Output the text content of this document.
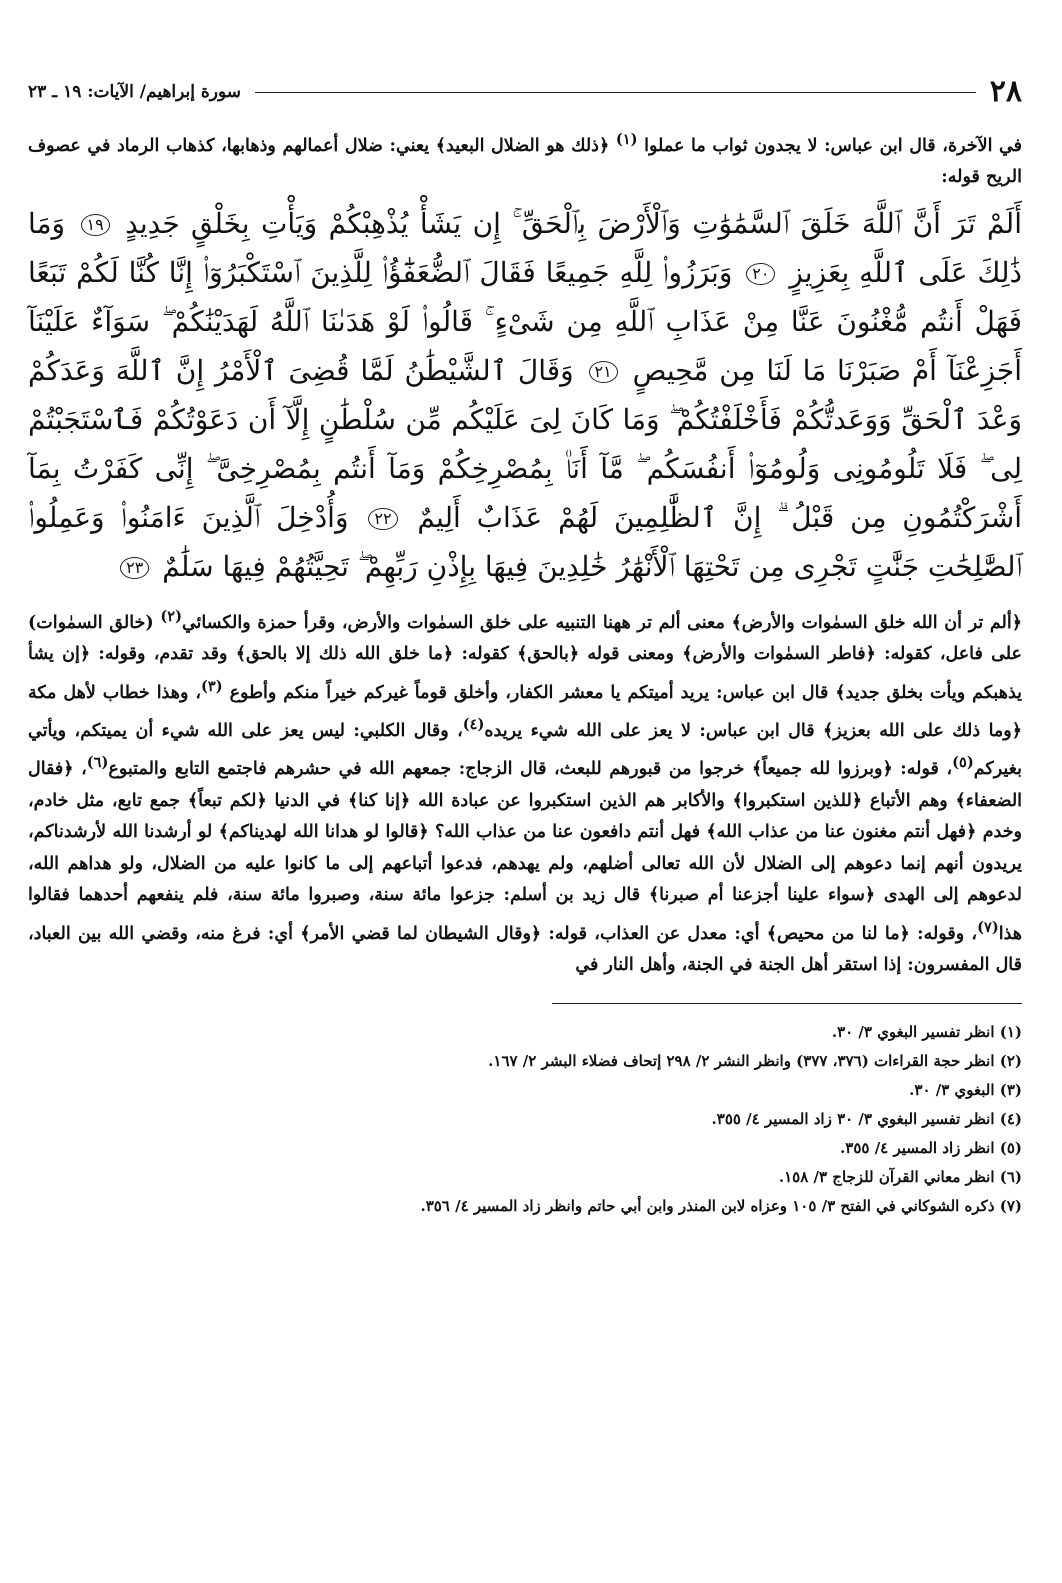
٢٨
سورة إبراهيم/ الآيات: ١٩ ـ ٢٣
في الآخرة، قال ابن عباس: لا يجدون ثواب ما عملوا $^{(١)}$ ﴿ذلك هو الضلال البعيد﴾ يعني: ضلال أعمالهم وذهابها، كذهاب الرماد في عصوف الريح قوله:
أَلَمْ تَرَ أَنَّ ٱللَّهَ خَلَقَ ٱلسَّمَٰوَٰتِ وَٱلْأَرْضَ بِٱلْحَقِّ ۚ إِن يَشَأْ يُذْهِبْكُمْ وَيَأْتِ بِخَلْقٍ جَدِيدٍ ١٩ وَمَا ذَٰلِكَ عَلَى ٱللَّهِ بِعَزِيزٍ ٢٠ وَبَرَزُوا۟ لِلَّهِ جَمِيعًا فَقَالَ ٱلضُّعَفَٰٓؤُا۟ لِلَّذِينَ ٱسْتَكْبَرُوٓا۟ إِنَّا كُنَّا لَكُمْ تَبَعًا فَهَلْ أَنتُم مُّغْنُونَ عَنَّا مِنْ عَذَابِ ٱللَّهِ مِن شَىْءٍ ۚ قَالُوا۟ لَوْ هَدَىٰنَا ٱللَّهُ لَهَدَيْنَٰكُمْ ۖ سَوَآءٌ عَلَيْنَآ أَجَزِعْنَآ أَمْ صَبَرْنَا مَا لَنَا مِن مَّحِيصٍ ٢١ وَقَالَ ٱلشَّيْطَٰنُ لَمَّا قُضِىَ ٱلْأَمْرُ إِنَّ ٱللَّهَ وَعَدَكُمْ وَعْدَ ٱلْحَقِّ وَوَعَدتُّكُمْ فَأَخْلَفْتُكُمْ ۖ وَمَا كَانَ لِىَ عَلَيْكُم مِّن سُلْطَٰنٍ إِلَّآ أَن دَعَوْتُكُمْ فَٱسْتَجَبْتُمْ لِى ۖ فَلَا تَلُومُونِى وَلُومُوٓا۟ أَنفُسَكُم ۖ مَّآ أَنَا۠ بِمُصْرِخِكُمْ وَمَآ أَنتُم بِمُصْرِخِىَّ ۖ إِنِّى كَفَرْتُ بِمَآ أَشْرَكْتُمُونِ مِن قَبْلُ ۗ إِنَّ ٱلظَّٰلِمِينَ لَهُمْ عَذَابٌ أَلِيمٌ ٢٢ وَأُدْخِلَ ٱلَّذِينَ ءَامَنُوا۟ وَعَمِلُوا۟ ٱلصَّٰلِحَٰتِ جَنَّٰتٍ تَجْرِى مِن تَحْتِهَا ٱلْأَنْهَٰرُ خَٰلِدِينَ فِيهَا بِإِذْنِ رَبِّهِمْ ۖ تَحِيَّتُهُمْ فِيهَا سَلَٰمٌ ٢٣
﴿ألم تر أن الله خلق السمٰوات والأرض﴾ معنى ألم تر ههنا التنبيه على خلق السمٰوات والأرض، وقرأ حمزة والكسائي$^{(٢)}$ (خالق السمٰوات) على فاعل، كقوله: ﴿فاطر السمٰوات والأرض﴾ ومعنى قوله ﴿بالحق﴾ كقوله: ﴿ما خلق الله ذلك إلا بالحق﴾ وقد تقدم، وقوله: ﴿إن يشأ يذهبكم ويأت بخلق جديد﴾ قال ابن عباس: يريد أميتكم يا معشر الكفار، وأخلق قوماً غيركم خيراً منكم وأطوع $^{(٣)}$، وهذا خطاب لأهل مكة ﴿وما ذلك على الله بعزيز﴾ قال ابن عباس: لا يعز على الله شيء يريده$^{(٤)}$، وقال الكلبي: ليس يعز على الله شيء أن يميتكم، ويأتي بغيركم$^{(٥)}$، قوله: ﴿وبرزوا لله جميعاً﴾ خرجوا من قبورهم للبعث، قال الزجاج: جمعهم الله في حشرهم فاجتمع التابع والمتبوع$^{(٦)}$، ﴿فقال الضعفاء﴾ وهم الأتباع ﴿للذين استكبروا﴾ والأكابر هم الذين استكبروا عن عبادة الله ﴿إنا كنا﴾ في الدنيا ﴿لكم تبعاً﴾ جمع تابع، مثل خادم، وخدم ﴿فهل أنتم مغنون عنا من عذاب الله﴾ فهل أنتم دافعون عنا من عذاب الله؟ ﴿قالوا لو هدانا الله لهديناكم﴾ لو أرشدنا الله لأرشدناكم، يريدون أنهم إنما دعوهم إلى الضلال لأن الله تعالى أضلهم، ولم يهدهم، فدعوا أتباعهم إلى ما كانوا عليه من الضلال، ولو هداهم الله، لدعوهم إلى الهدى ﴿سواء علينا أجزعنا أم صبرنا﴾ قال زيد بن أسلم: جزعوا مائة سنة، وصبروا مائة سنة، فلم ينفعهم أحدهما فقالوا هذا$^{(٧)}$، وقوله: ﴿ما لنا من محيص﴾ أي: معدل عن العذاب، قوله: ﴿وقال الشيطان لما قضي الأمر﴾ أي: فرغ منه، وقضي الله بين العباد، قال المفسرون: إذا استقر أهل الجنة في الجنة، وأهل النار في
(١) انظر تفسير البغوي ٣/ ٣٠.
(٢) انظر حجة القراءات (٣٧٦، ٣٧٧) وانظر النشر ٢/ ٢٩٨ إتحاف فضلاء البشر ٢/ ١٦٧.
(٣) البغوي ٣/ ٣٠.
(٤) انظر تفسير البغوي ٣/ ٣٠ زاد المسير ٤/ ٣٥٥.
(٥) انظر زاد المسير ٤/ ٣٥٥.
(٦) انظر معاني القرآن للزجاج ٣/ ١٥٨.
(٧) ذكره الشوكاني في الفتح ٣/ ١٠٥ وعزاه لابن المنذر وابن أبي حاتم وانظر زاد المسير ٤/ ٣٥٦.
